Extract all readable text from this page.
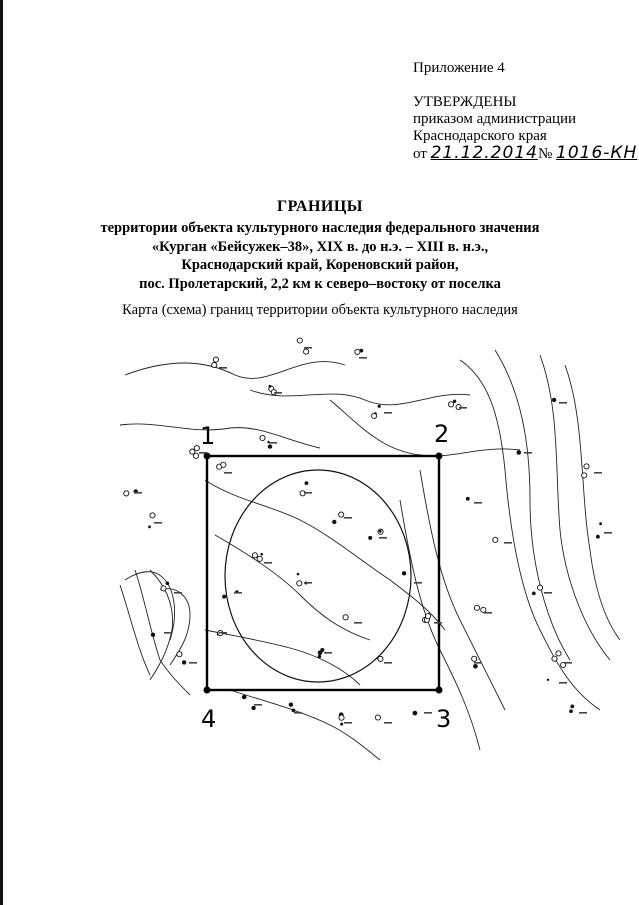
Приложение 4
УТВЕРЖДЕНЫ
приказом администрации
Краснодарского края
от 21.12.2014№ 1016-КН
ГРАНИЦЫ
территории объекта культурного наследия федерального значения
«Курган «Бейсужек–38», XIX в. до н.э. – XIII в. н.э.,
Краснодарский край, Кореновский район,
пос. Пролетарский, 2,2 км к северо–востоку от поселка
Карта (схема) границ территории объекта культурного наследия
1	2
3
4
